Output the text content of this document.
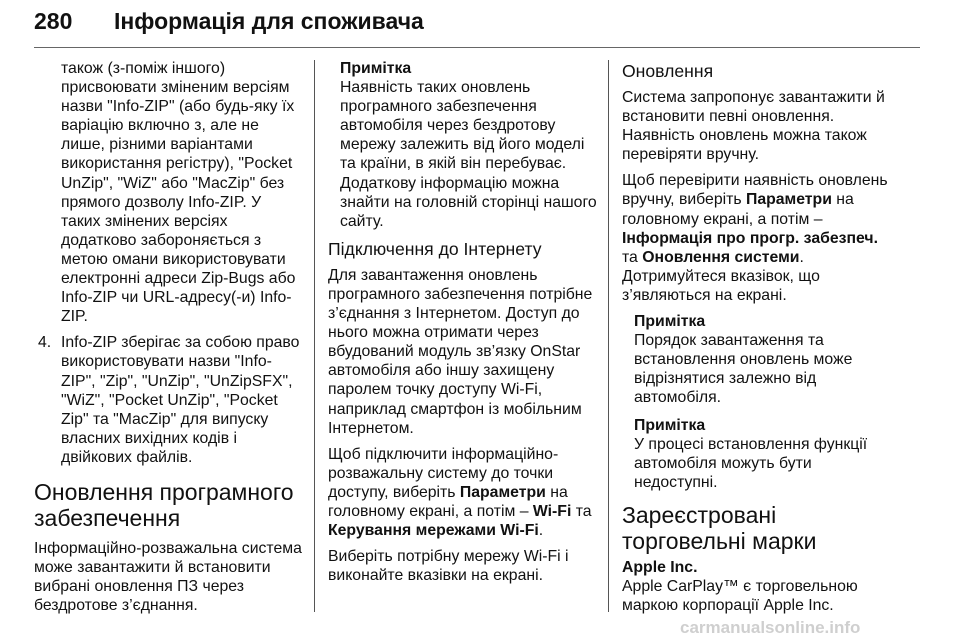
280 Інформація для споживача

також (з-поміж іншого) присвоювати зміненим версіям назви "Info-ZIP" (або будь-яку їх варіацію включно з, але не лише, різними варіантами використання регістру), "Pocket UnZip", "WiZ" або "MacZip" без прямого дозволу Info-ZIP. У таких змінених версіях додатково забороняється з метою омани використовувати електронні адреси Zip-Bugs або Info-ZIP чи URL-адресу(-и) Info-ZIP.

4. Info-ZIP зберігає за собою право використовувати назви "Info-ZIP", "Zip", "UnZip", "UnZipSFX", "WiZ", "Pocket UnZip", "Pocket Zip" та "MacZip" для випуску власних вихідних кодів і двійкових файлів.
Оновлення програмного забезпечення

Інформаційно-розважальна система може завантажити й встановити вибрані оновлення ПЗ через бездротове з’єднання.

Примітка
Наявність таких оновлень програмного забезпечення автомобіля через бездротову мережу залежить від його моделі та країни, в якій він перебуває. Додаткову інформацію можна знайти на головній сторінці нашого сайту.
Підключення до Інтернету

Для завантаження оновлень програмного забезпечення потрібне з’єднання з Інтернетом. Доступ до нього можна отримати через вбудований модуль зв’язку OnStar автомобіля або іншу захищену паролем точку доступу Wi-Fi, наприклад смартфон із мобільним Інтернетом.

Щоб підключити інформаційно-розважальну систему до точки доступу, виберіть Параметри на головному екрані, а потім – Wi-Fi та Керування мережами Wi-Fi.

Виберіть потрібну мережу Wi-Fi і виконайте вказівки на екрані.

Оновлення

Система запропонує завантажити й встановити певні оновлення. Наявність оновлень можна також перевіряти вручну.

Щоб перевірити наявність оновлень вручну, виберіть Параметри на головному екрані, а потім – Інформація про прогр. забезпеч. та Оновлення системи. Дотримуйтеся вказівок, що з’являються на екрані.

Примітка
Порядок завантаження та встановлення оновлень може відрізнятися залежно від автомобіля.
Примітка
У процесі встановлення функції автомобіля можуть бути недоступні.
Зареєстровані торговельні марки

Apple Inc.

Apple CarPlay™ є торговельною маркою корпорації Apple Inc.

carmanualsonline.info
